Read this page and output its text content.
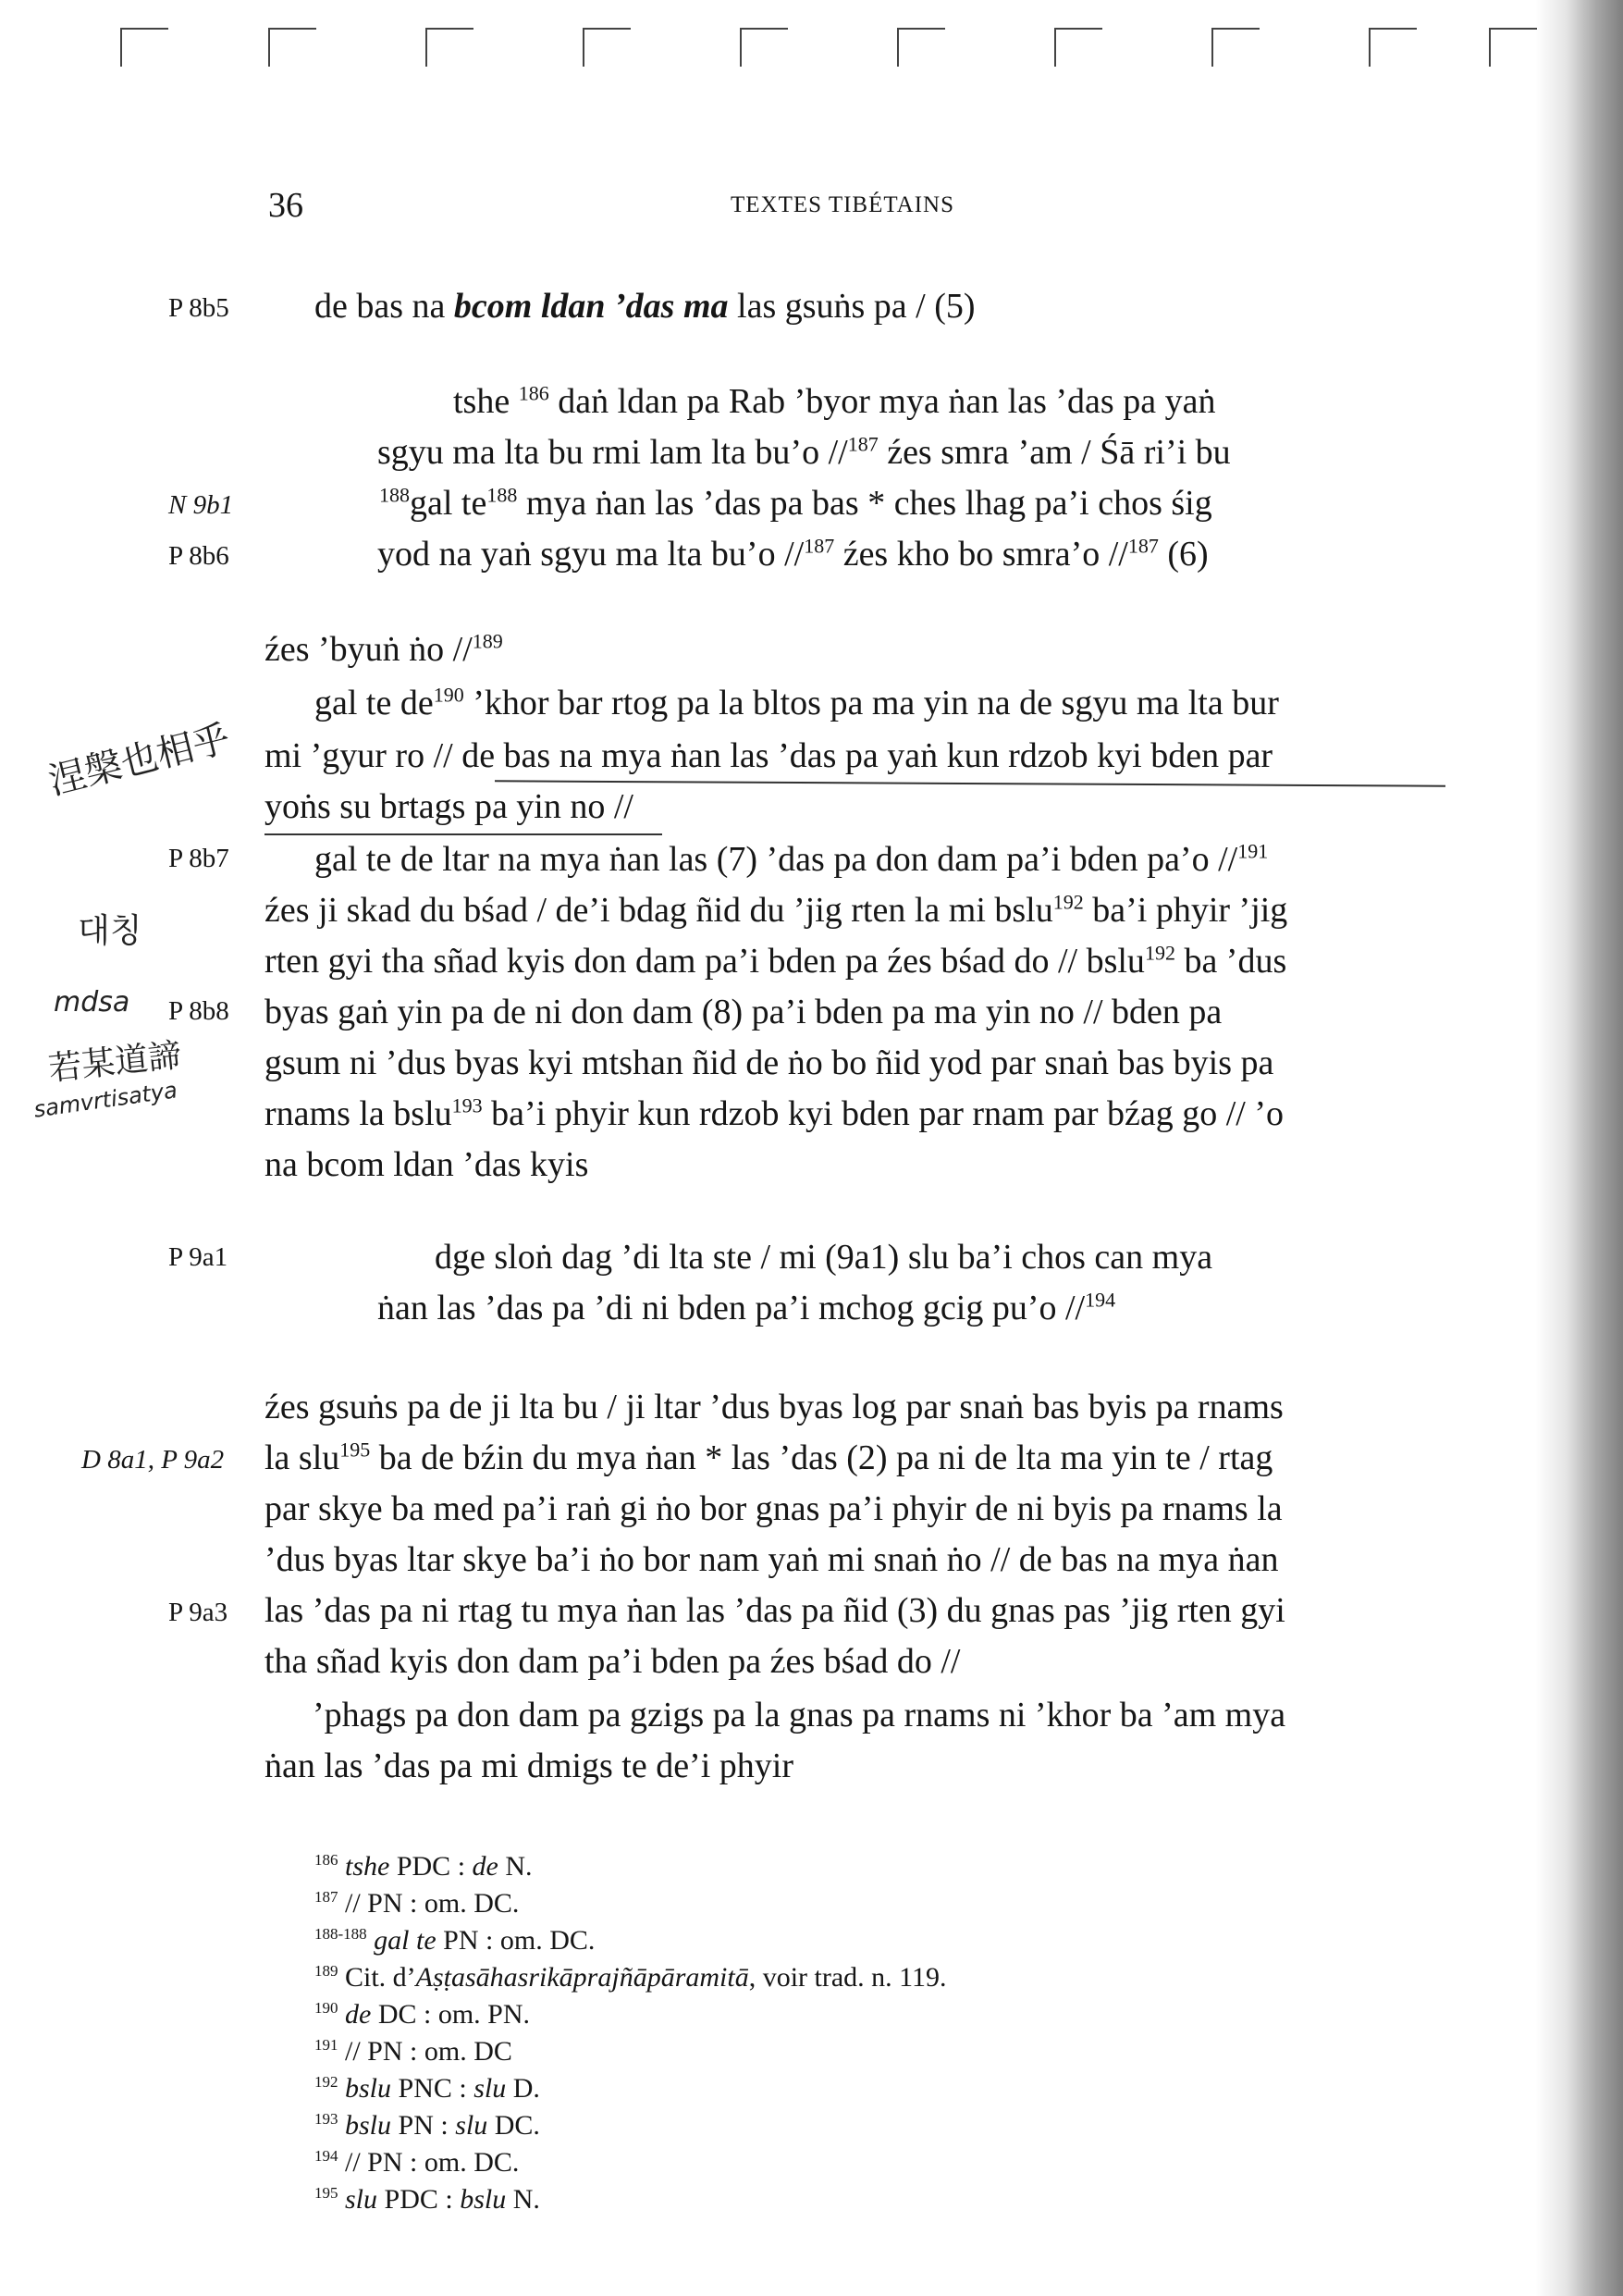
36	TEXTES TIBÉTAINS
P 8b5
N 9b1
P 8b6
P 8b7
P 8b8
P 9a1
D 8a1, P 9a2
P 9a3
涅槃也相乎
대칭
mdsa
若某道諦
samvrtisatya
de bas na bcom ldan ’das ma las gsuṅs pa / (5)
tshe $^{186}$ daṅ ldan pa Rab ’byor mya ṅan las ’das pa yaṅ
sgyu ma lta bu rmi lam lta bu’o //$^{187}$ źes smra ’am / Śā ri’i bu
$^{188}$gal $te^{188}$ mya ṅan las ’das pa bas * ches lhag pa’i chos śig
yod na yaṅ sgyu ma lta bu’o //$^{187}$ źes kho bo smra’o //$^{187}$ (6)
źes ’byuṅ ṅo //$^{189}$
gal te $de^{190}$ ’khor bar rtog pa la bltos pa ma yin na de sgyu ma lta bur
mi ’gyur ro // de bas na mya ṅan las ’das pa yaṅ kun rdzob kyi bden par
yoṅs su brtags pa yin no //
gal te de ltar na mya ṅan las (7) ’das pa don dam pa’i bden pa’o //$^{191}$
źes ji skad du bśad / de’i bdag ñid du ’jig rten la mi bslu$^{192}$ ba’i phyir ’jig
rten gyi tha sñad kyis don dam pa’i bden pa źes bśad do // bslu$^{192}$ ba ’dus
byas gaṅ yin pa de ni don dam (8) pa’i bden pa ma yin no // bden pa
gsum ni ’dus byas kyi mtshan ñid de ṅo bo ñid yod par snaṅ bas byis pa
rnams la bslu$^{193}$ ba’i phyir kun rdzob kyi bden par rnam par bźag go // ’o
na bcom ldan ’das kyis
dge sloṅ dag ’di lta ste / mi (9a1) slu ba’i chos can mya
ṅan las ’das pa ’di ni bden pa’i mchog gcig pu’o //$^{194}$
źes gsuṅs pa de ji lta bu / ji ltar ’dus byas log par snaṅ bas byis pa rnams
la slu$^{195}$ ba de bźin du mya ṅan * las ’das (2) pa ni de lta ma yin te / rtag
par skye ba med pa’i raṅ gi ṅo bor gnas pa’i phyir de ni byis pa rnams la
’dus byas ltar skye ba’i ṅo bor nam yaṅ mi snaṅ ṅo // de bas na mya ṅan
las ’das pa ni rtag tu mya ṅan las ’das pa ñid (3) du gnas pas ’jig rten gyi
tha sñad kyis don dam pa’i bden pa źes bśad do //
’phags pa don dam pa gzigs pa la gnas pa rnams ni ’khor ba ’am mya
ṅan las ’das pa mi dmigs te de’i phyir
$^{186}$ tshe PDC : de N.
$^{187}$ // PN : om. DC.
$^{188-188}$ gal te PN : om. DC.
$^{189}$ Cit. d’Aṣṭasāhasrikāprajñāpāramitā, voir trad. n. 119.
$^{190}$ de DC : om. PN.
$^{191}$ // PN : om. DC
$^{192}$ bslu PNC : slu D.
$^{193}$ bslu PN : slu DC.
$^{194}$ // PN : om. DC.
$^{195}$ slu PDC : bslu N.
